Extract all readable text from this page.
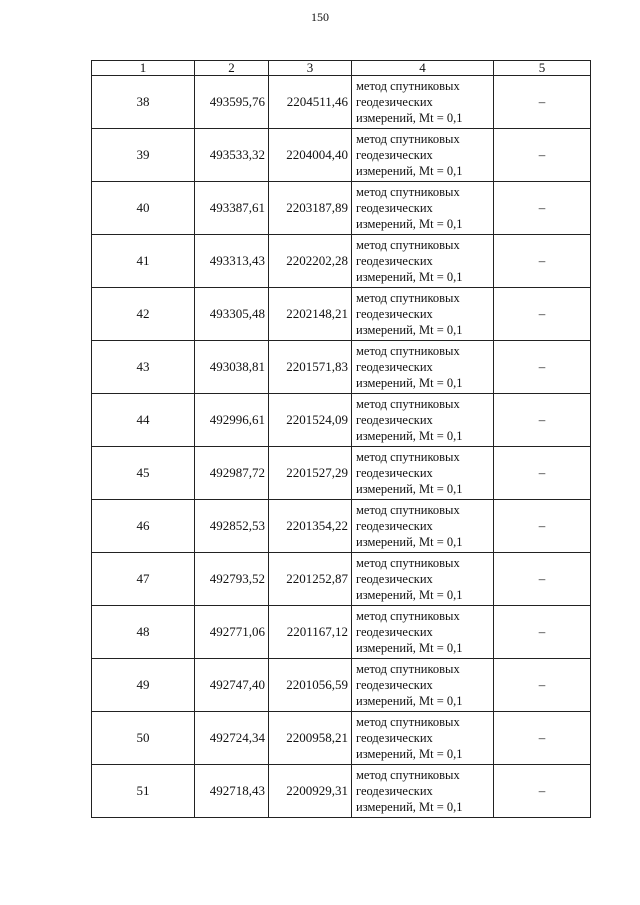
150
1	2	3	4	5
38	493595,76	2204511,46	метод спутниковых
геодезических
измерений, Mt = 0,1	–
39	493533,32	2204004,40	метод спутниковых
геодезических
измерений, Mt = 0,1	–
40	493387,61	2203187,89	метод спутниковых
геодезических
измерений, Mt = 0,1	–
41	493313,43	2202202,28	метод спутниковых
геодезических
измерений, Mt = 0,1	–
42	493305,48	2202148,21	метод спутниковых
геодезических
измерений, Mt = 0,1	–
43	493038,81	2201571,83	метод спутниковых
геодезических
измерений, Mt = 0,1	–
44	492996,61	2201524,09	метод спутниковых
геодезических
измерений, Mt = 0,1	–
45	492987,72	2201527,29	метод спутниковых
геодезических
измерений, Mt = 0,1	–
46	492852,53	2201354,22	метод спутниковых
геодезических
измерений, Mt = 0,1	–
47	492793,52	2201252,87	метод спутниковых
геодезических
измерений, Mt = 0,1	–
48	492771,06	2201167,12	метод спутниковых
геодезических
измерений, Mt = 0,1	–
49	492747,40	2201056,59	метод спутниковых
геодезических
измерений, Mt = 0,1	–
50	492724,34	2200958,21	метод спутниковых
геодезических
измерений, Mt = 0,1	–
51	492718,43	2200929,31	метод спутниковых
геодезических
измерений, Mt = 0,1	–
